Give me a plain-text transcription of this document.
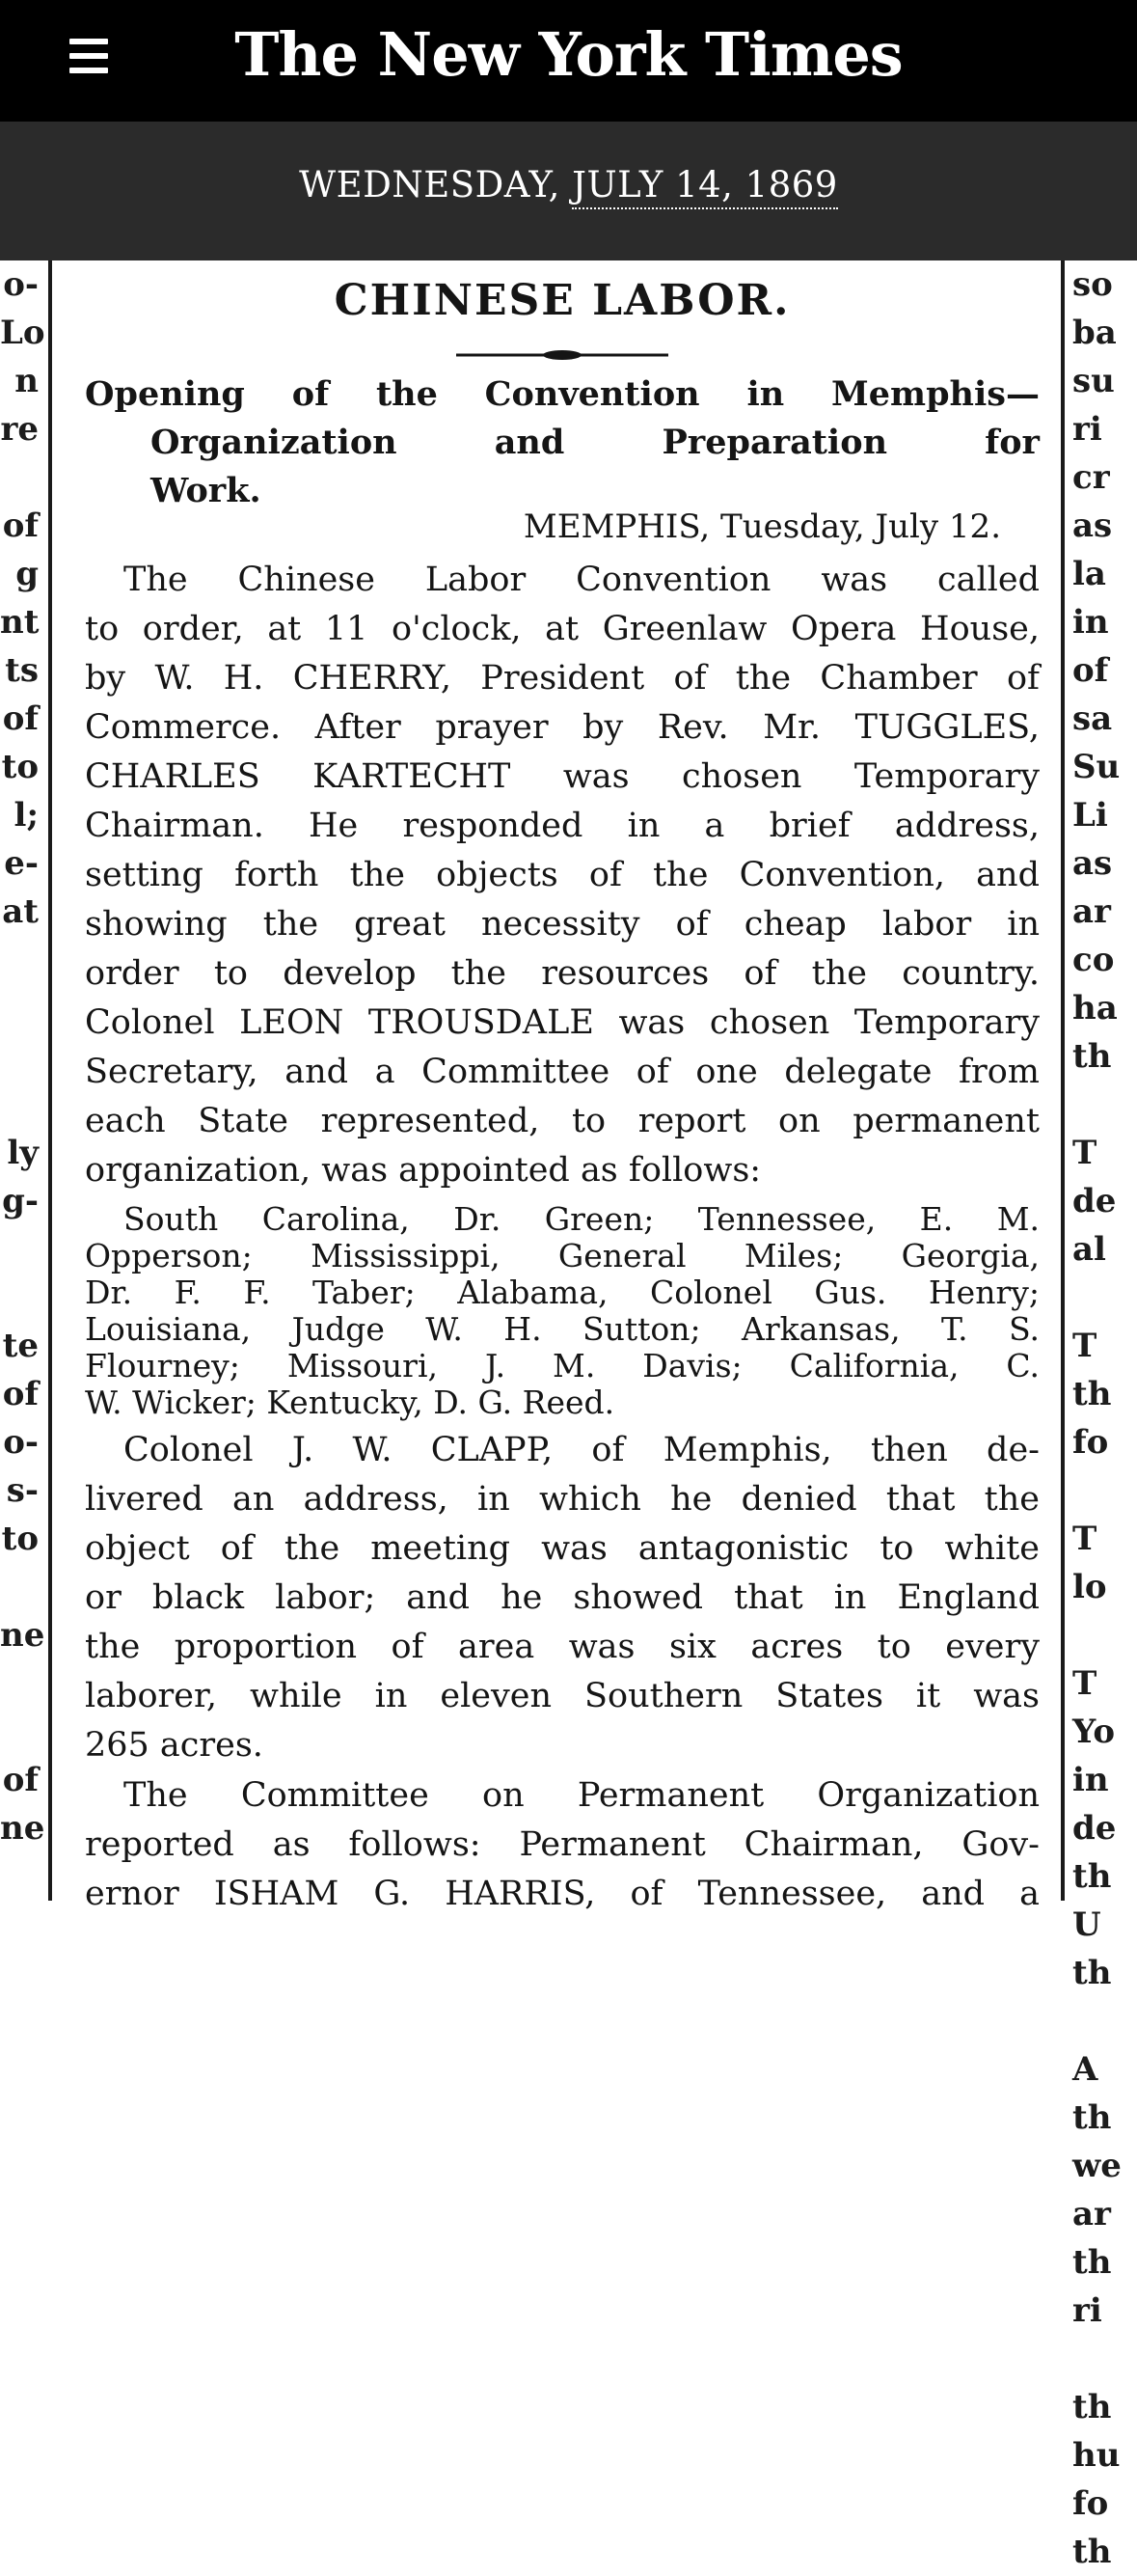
The New York Times
WEDNESDAY, JULY 14, 1869
o-
Lo
n
re

of
g
nt
ts
of
to
l;
e-
at

ly
g-

te
of
o-
s-
to

ne

of
ne
so
ba
su
ri
cr
as
la
in
of
sa
Su
Li
as
ar
co
ha
th

T
de
al

T
th
fo

T
lo

T
Yo
in
de
th
U
th

A
th
we
ar
th
ri

th
hu
fo
th
CHINESE LABOR.
Opening of the Convention in Memphis—
Organization and Preparation for
Work.
MEMPHIS, Tuesday, July 12.
The Chinese Labor Convention was called
to order, at 11 o'clock, at Greenlaw Opera House,
by W. H. CHERRY, President of the Chamber of
Commerce. After prayer by Rev. Mr. TUGGLES,
CHARLES KARTECHT was chosen Temporary
Chairman. He responded in a brief address,
setting forth the objects of the Convention, and
showing the great necessity of cheap labor in
order to develop the resources of the country.
Colonel LEON TROUSDALE was chosen Temporary
Secretary, and a Committee of one delegate from
each State represented, to report on permanent
organization, was appointed as follows:
South Carolina, Dr. Green; Tennessee, E. M.
Opperson; Mississippi, General Miles; Georgia,
Dr. F. F. Taber; Alabama, Colonel Gus. Henry;
Louisiana, Judge W. H. Sutton; Arkansas, T. S.
Flourney; Missouri, J. M. Davis; California, C.
W. Wicker; Kentucky, D. G. Reed.
Colonel J. W. CLAPP, of Memphis, then de-
livered an address, in which he denied that the
object of the meeting was antagonistic to white
or black labor; and he showed that in England
the proportion of area was six acres to every
laborer, while in eleven Southern States it was
265 acres.
The Committee on Permanent Organization
reported as follows: Permanent Chairman, Gov-
ernor ISHAM G. HARRIS, of Tennessee, and a
